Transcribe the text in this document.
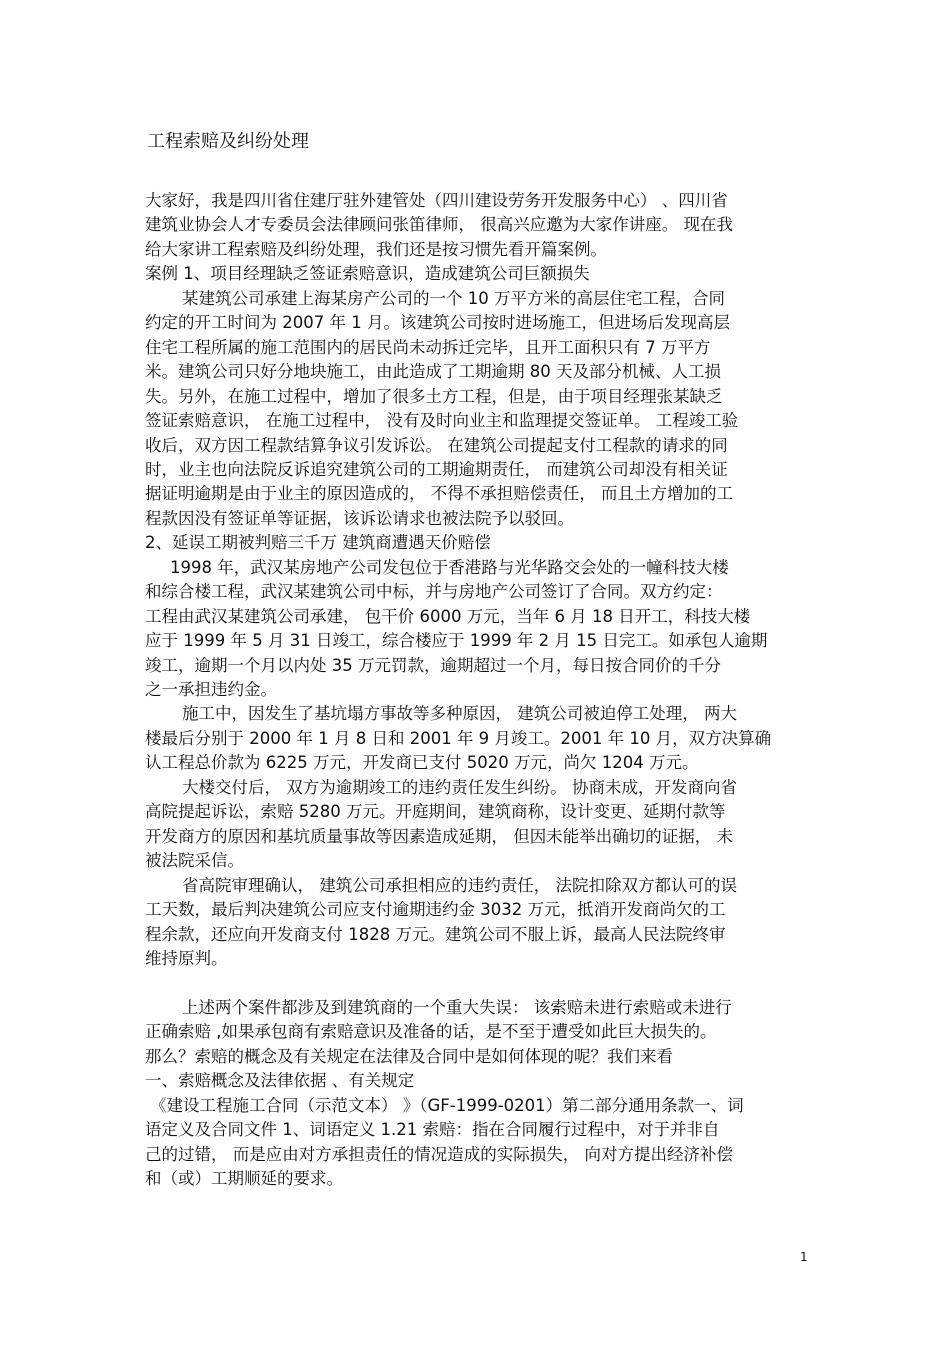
工程索赔及纠纷处理
大家好，我是四川省住建厅驻外建管处（四川建设劳务开发服务中心） 、四川省
建筑业协会人才专委员会法律顾问张笛律师， 很高兴应邀为大家作讲座。 现在我
给大家讲工程索赔及纠纷处理，我们还是按习惯先看开篇案例。
案例 1、项目经理缺乏签证索赔意识，造成建筑公司巨额损失
某建筑公司承建上海某房产公司的一个 10 万平方米的高层住宅工程，合同
约定的开工时间为 2007 年 1 月。该建筑公司按时进场施工，但进场后发现高层
住宅工程所属的施工范围内的居民尚未动拆迁完毕，且开工面积只有 7 万平方
米。建筑公司只好分地块施工，由此造成了工期逾期 80 天及部分机械、人工损
失。另外，在施工过程中，增加了很多土方工程，但是，由于项目经理张某缺乏
签证索赔意识， 在施工过程中， 没有及时向业主和监理提交签证单。 工程竣工验
收后，双方因工程款结算争议引发诉讼。 在建筑公司提起支付工程款的请求的同
时，业主也向法院反诉追究建筑公司的工期逾期责任， 而建筑公司却没有相关证
据证明逾期是由于业主的原因造成的， 不得不承担赔偿责任， 而且土方增加的工
程款因没有签证单等证据，该诉讼请求也被法院予以驳回。
2、延误工期被判赔三千万 建筑商遭遇天价赔偿
1998 年，武汉某房地产公司发包位于香港路与光华路交会处的一幢科技大楼
和综合楼工程，武汉某建筑公司中标，并与房地产公司签订了合同。双方约定：
工程由武汉某建筑公司承建， 包干价 6000 万元，当年 6 月 18 日开工，科技大楼
应于 1999 年 5 月 31 日竣工，综合楼应于 1999 年 2 月 15 日完工。如承包人逾期
竣工，逾期一个月以内处 35 万元罚款，逾期超过一个月，每日按合同价的千分
之一承担违约金。
施工中，因发生了基坑塌方事故等多种原因， 建筑公司被迫停工处理， 两大
楼最后分别于 2000 年 1 月 8 日和 2001 年 9 月竣工。2001 年 10 月，双方决算确
认工程总价款为 6225 万元，开发商已支付 5020 万元，尚欠 1204 万元。
大楼交付后， 双方为逾期竣工的违约责任发生纠纷。 协商未成，开发商向省
高院提起诉讼，索赔 5280 万元。开庭期间，建筑商称，设计变更、延期付款等
开发商方的原因和基坑质量事故等因素造成延期， 但因未能举出确切的证据， 未
被法院采信。
省高院审理确认， 建筑公司承担相应的违约责任， 法院扣除双方都认可的误
工天数，最后判决建筑公司应支付逾期违约金 3032 万元，抵消开发商尚欠的工
程余款，还应向开发商支付 1828 万元。建筑公司不服上诉，最高人民法院终审
维持原判。
上述两个案件都涉及到建筑商的一个重大失误： 该索赔未进行索赔或未进行
正确索赔 ,如果承包商有索赔意识及准备的话，是不至于遭受如此巨大损失的。
那么？索赔的概念及有关规定在法律及合同中是如何体现的呢？我们来看
一、索赔概念及法律依据 、有关规定
《建设工程施工合同（示范文本） 》（GF-1999-0201）第二部分通用条款一、词
语定义及合同文件 1、词语定义 1.21 索赔：指在合同履行过程中，对于并非自
己的过错， 而是应由对方承担责任的情况造成的实际损失， 向对方提出经济补偿
和（或）工期顺延的要求。
1
